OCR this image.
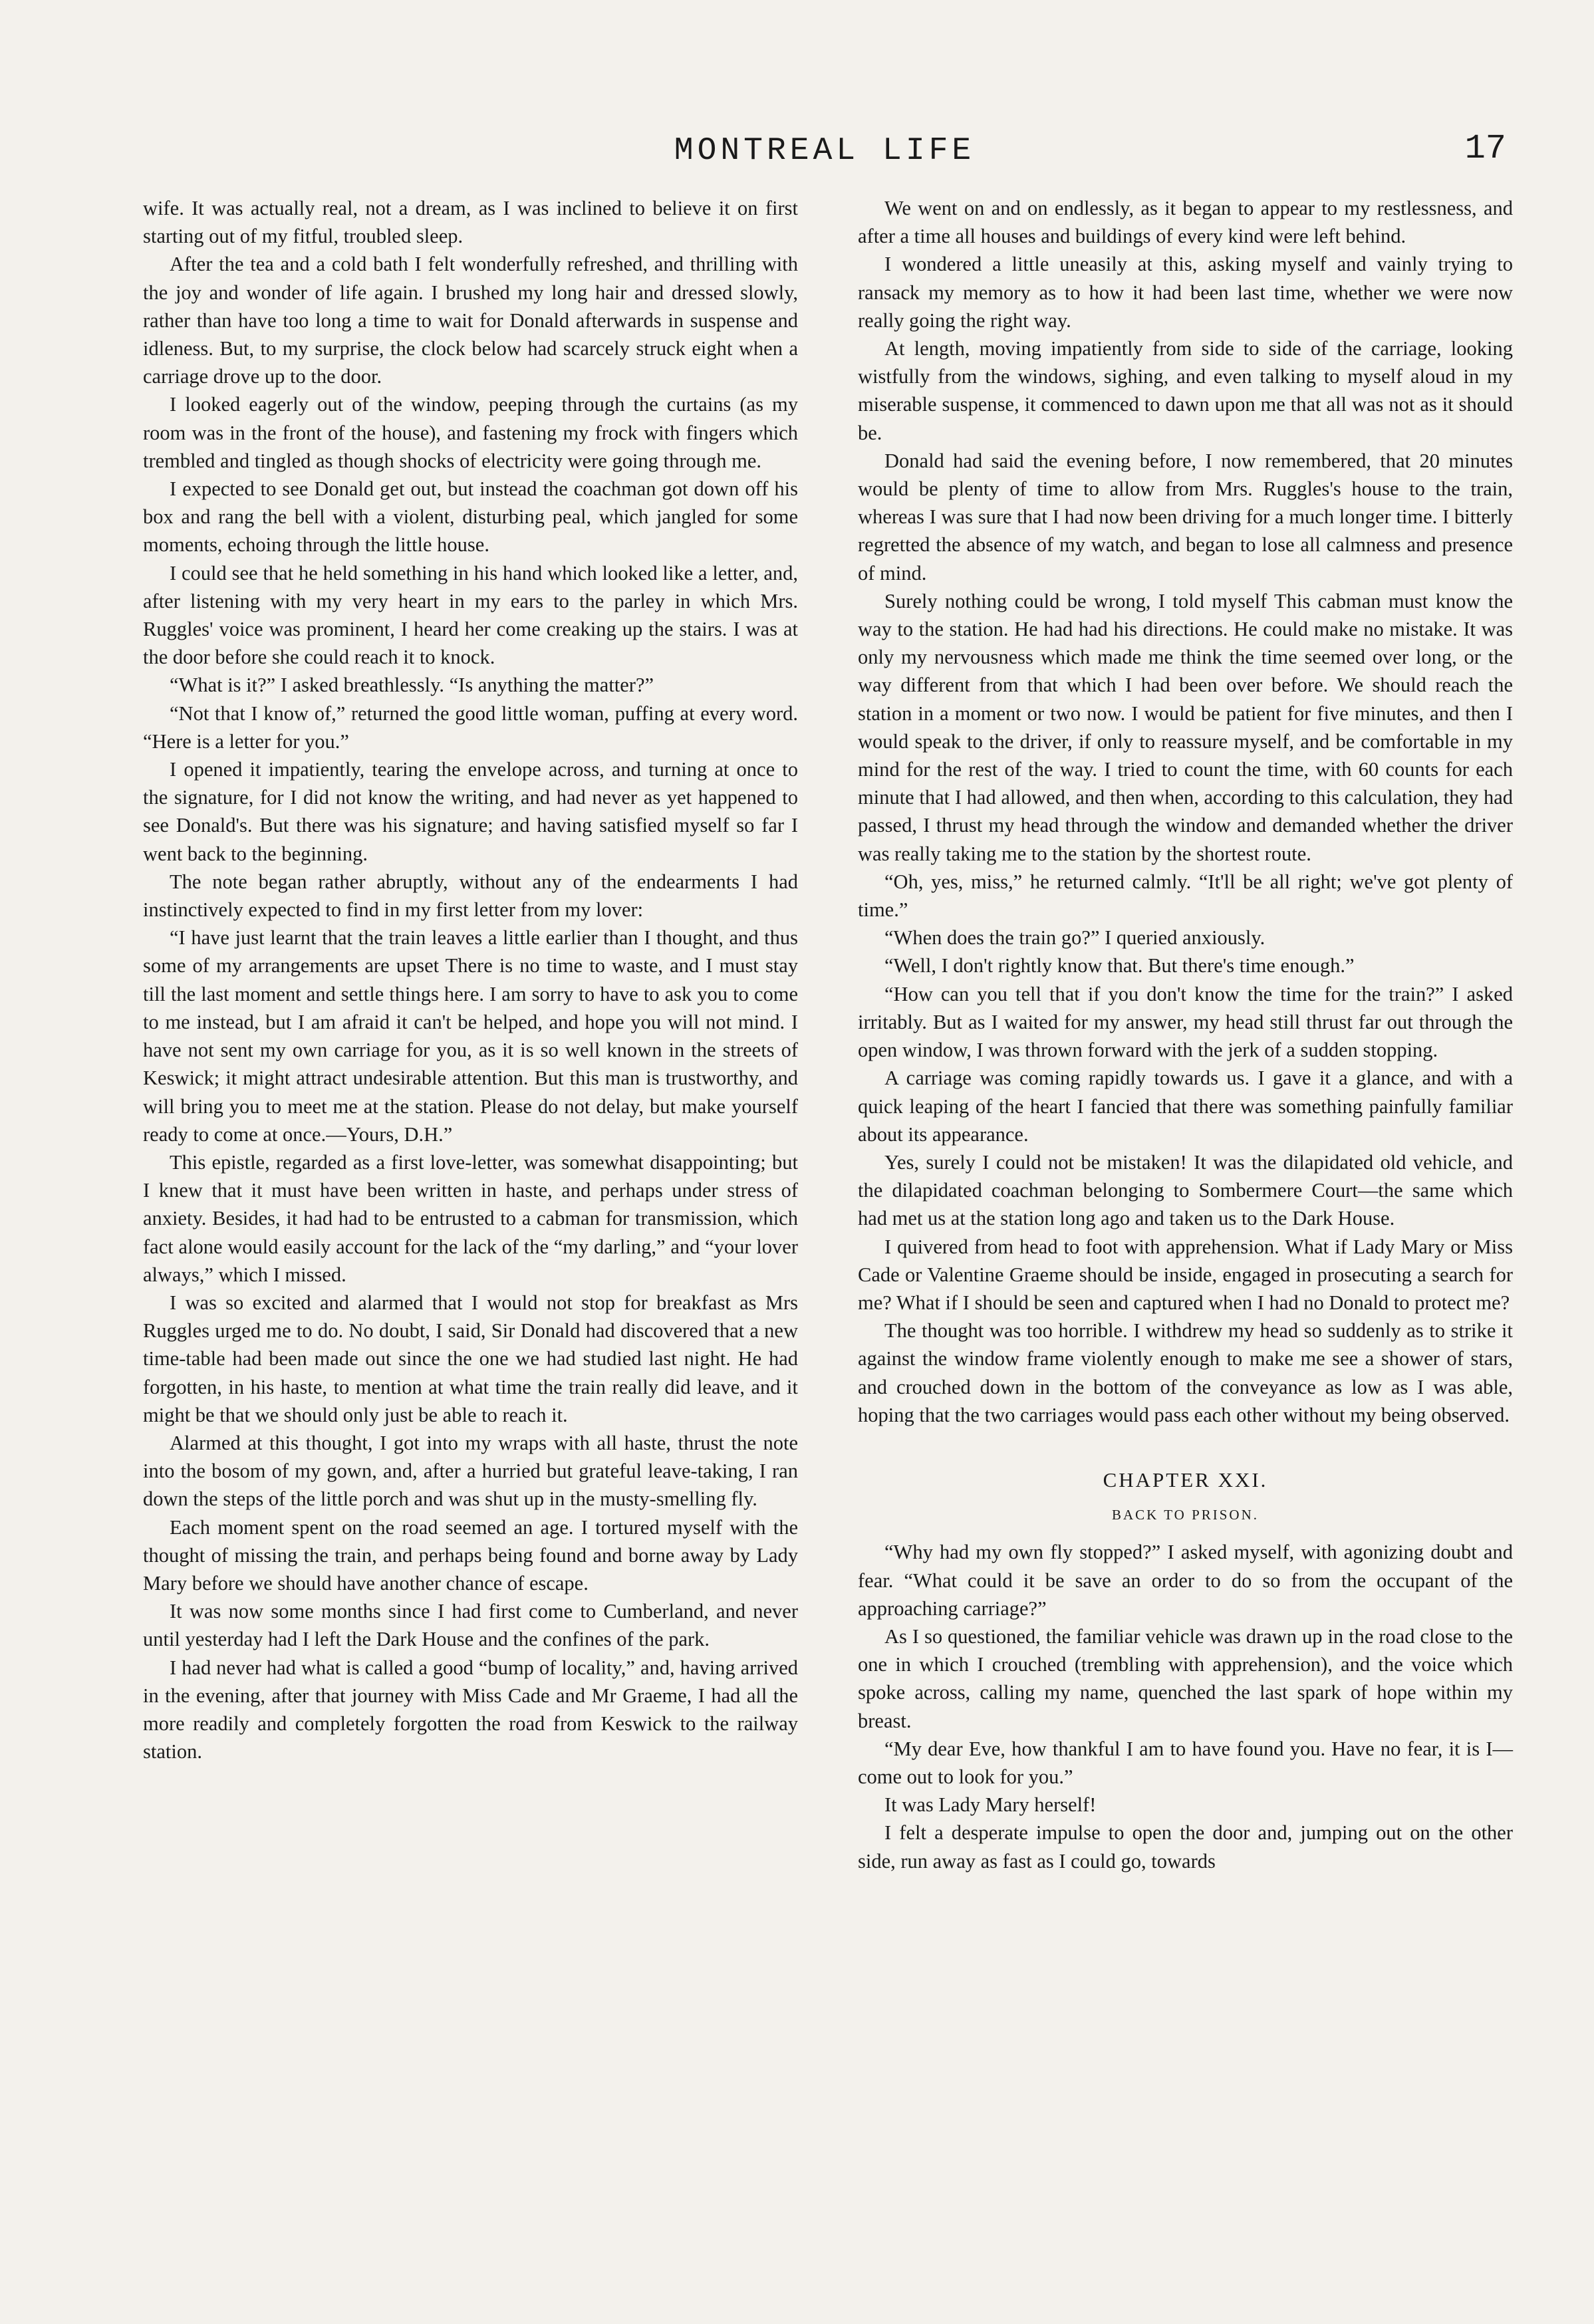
MONTREAL LIFE	17

wife. It was actually real, not a dream, as I was inclined to believe it on first starting out of my fitful, troubled sleep.

After the tea and a cold bath I felt wonderfully refreshed, and thrilling with the joy and wonder of life again. I brushed my long hair and dressed slowly, rather than have too long a time to wait for Donald afterwards in suspense and idleness. But, to my surprise, the clock below had scarcely struck eight when a carriage drove up to the door.

I looked eagerly out of the window, peeping through the curtains (as my room was in the front of the house), and fastening my frock with fingers which trembled and tingled as though shocks of electricity were going through me.

I expected to see Donald get out, but instead the coachman got down off his box and rang the bell with a violent, disturbing peal, which jangled for some moments, echoing through the little house.

I could see that he held something in his hand which looked like a letter, and, after listening with my very heart in my ears to the parley in which Mrs. Ruggles' voice was prominent, I heard her come creaking up the stairs. I was at the door before she could reach it to knock.

“What is it?” I asked breathlessly. “Is anything the matter?”

“Not that I know of,” returned the good little woman, puffing at every word. “Here is a letter for you.”

I opened it impatiently, tearing the envelope across, and turning at once to the signature, for I did not know the writing, and had never as yet happened to see Donald's. But there was his signature; and having satisfied myself so far I went back to the beginning.

The note began rather abruptly, without any of the endearments I had instinctively expected to find in my first letter from my lover:

“I have just learnt that the train leaves a little earlier than I thought, and thus some of my arrangements are upset There is no time to waste, and I must stay till the last moment and settle things here. I am sorry to have to ask you to come to me instead, but I am afraid it can't be helped, and hope you will not mind. I have not sent my own carriage for you, as it is so well known in the streets of Keswick; it might attract undesirable attention. But this man is trustworthy, and will bring you to meet me at the station. Please do not delay, but make yourself ready to come at once.—Yours, D.H.”

This epistle, regarded as a first love-letter, was somewhat disappointing; but I knew that it must have been written in haste, and perhaps under stress of anxiety. Besides, it had had to be entrusted to a cabman for transmission, which fact alone would easily account for the lack of the “my darling,” and “your lover always,” which I missed.

I was so excited and alarmed that I would not stop for breakfast as Mrs Ruggles urged me to do. No doubt, I said, Sir Donald had discovered that a new time-table had been made out since the one we had studied last night. He had forgotten, in his haste, to mention at what time the train really did leave, and it might be that we should only just be able to reach it.

Alarmed at this thought, I got into my wraps with all haste, thrust the note into the bosom of my gown, and, after a hurried but grateful leave-taking, I ran down the steps of the little porch and was shut up in the musty-smelling fly.

Each moment spent on the road seemed an age. I tortured myself with the thought of missing the train, and perhaps being found and borne away by Lady Mary before we should have another chance of escape.

It was now some months since I had first come to Cumberland, and never until yesterday had I left the Dark House and the confines of the park.

I had never had what is called a good “bump of locality,” and, having arrived in the evening, after that journey with Miss Cade and Mr Graeme, I had all the more readily and completely forgotten the road from Keswick to the railway station.

We went on and on endlessly, as it began to appear to my restlessness, and after a time all houses and buildings of every kind were left behind.

I wondered a little uneasily at this, asking myself and vainly trying to ransack my memory as to how it had been last time, whether we were now really going the right way.

At length, moving impatiently from side to side of the carriage, looking wistfully from the windows, sighing, and even talking to myself aloud in my miserable suspense, it commenced to dawn upon me that all was not as it should be.

Donald had said the evening before, I now remembered, that 20 minutes would be plenty of time to allow from Mrs. Ruggles's house to the train, whereas I was sure that I had now been driving for a much longer time. I bitterly regretted the absence of my watch, and began to lose all calmness and presence of mind.

Surely nothing could be wrong, I told myself This cabman must know the way to the station. He had had his directions. He could make no mistake. It was only my nervousness which made me think the time seemed over long, or the way different from that which I had been over before. We should reach the station in a moment or two now. I would be patient for five minutes, and then I would speak to the driver, if only to reassure myself, and be comfortable in my mind for the rest of the way. I tried to count the time, with 60 counts for each minute that I had allowed, and then when, according to this calculation, they had passed, I thrust my head through the window and demanded whether the driver was really taking me to the station by the shortest route.

“Oh, yes, miss,” he returned calmly. “It'll be all right; we've got plenty of time.”

“When does the train go?” I queried anxiously.

“Well, I don't rightly know that. But there's time enough.”

“How can you tell that if you don't know the time for the train?” I asked irritably. But as I waited for my answer, my head still thrust far out through the open window, I was thrown forward with the jerk of a sudden stopping.

A carriage was coming rapidly towards us. I gave it a glance, and with a quick leaping of the heart I fancied that there was something painfully familiar about its appearance.

Yes, surely I could not be mistaken! It was the dilapidated old vehicle, and the dilapidated coachman belonging to Sombermere Court—the same which had met us at the station long ago and taken us to the Dark House.

I quivered from head to foot with apprehension. What if Lady Mary or Miss Cade or Valentine Graeme should be inside, engaged in prosecuting a search for me? What if I should be seen and captured when I had no Donald to protect me?

The thought was too horrible. I withdrew my head so suddenly as to strike it against the window frame violently enough to make me see a shower of stars, and crouched down in the bottom of the conveyance as low as I was able, hoping that the two carriages would pass each other without my being observed.

CHAPTER XXI.
BACK TO PRISON.

“Why had my own fly stopped?” I asked myself, with agonizing doubt and fear. “What could it be save an order to do so from the occupant of the approaching carriage?”

As I so questioned, the familiar vehicle was drawn up in the road close to the one in which I crouched (trembling with apprehension), and the voice which spoke across, calling my name, quenched the last spark of hope within my breast.

“My dear Eve, how thankful I am to have found you. Have no fear, it is I—come out to look for you.”

It was Lady Mary herself!

I felt a desperate impulse to open the door and, jumping out on the other side, run away as fast as I could go, towards
